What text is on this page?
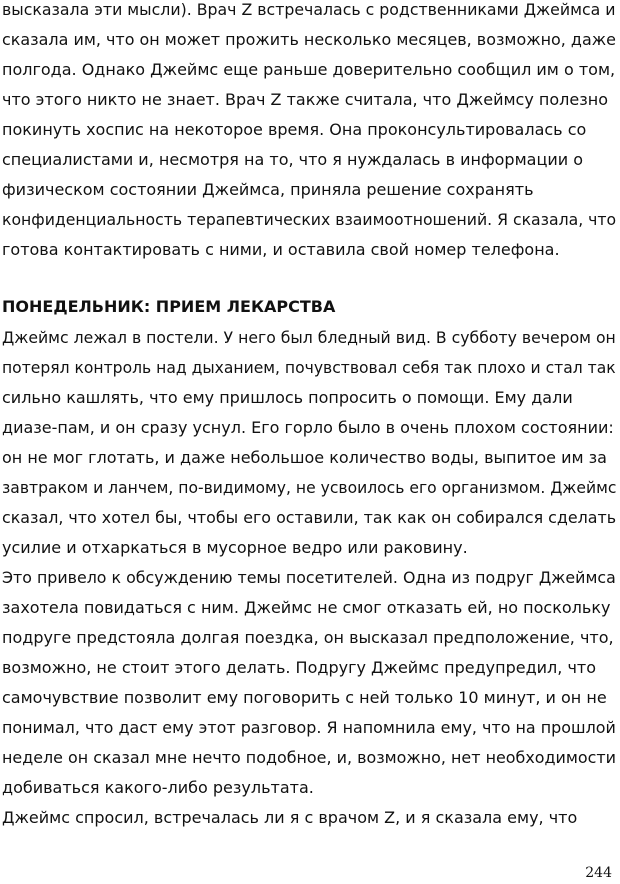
высказала эти мысли). Врач Z встречалась с родственниками Джеймса и
сказала им, что он может прожить несколько месяцев, возможно, даже
полгода. Однако Джеймс еще раньше доверительно сообщил им о том,
что этого никто не знает. Врач Z также считала, что Джеймсу полезно
покинуть хоспис на некоторое время. Она проконсультировалась со
специалистами и, несмотря на то, что я нуждалась в информации о
физическом состоянии Джеймса, приняла решение сохранять
конфиденциальность терапевтических взаимоотношений. Я сказала, что
готова контактировать с ними, и оставила свой номер телефона.
ПОНЕДЕЛЬНИК: ПРИЕМ ЛЕКАРСТВА
Джеймс лежал в постели. У него был бледный вид. В субботу вечером он
потерял контроль над дыханием, почувствовал себя так плохо и стал так
сильно кашлять, что ему пришлось попросить о помощи. Ему дали
диазе-пам, и он сразу уснул. Его горло было в очень плохом состоянии:
он не мог глотать, и даже небольшое количество воды, выпитое им за
завтраком и ланчем, по-видимому, не усвоилось его организмом. Джеймс
сказал, что хотел бы, чтобы его оставили, так как он собирался сделать
усилие и отхаркаться в мусорное ведро или раковину.
Это привело к обсуждению темы посетителей. Одна из подруг Джеймса
захотела повидаться с ним. Джеймс не смог отказать ей, но поскольку
подруге предстояла долгая поездка, он высказал предположение, что,
возможно, не стоит этого делать. Подругу Джеймс предупредил, что
самочувствие позволит ему поговорить с ней только 10 минут, и он не
понимал, что даст ему этот разговор. Я напомнила ему, что на прошлой
неделе он сказал мне нечто подобное, и, возможно, нет необходимости
добиваться какого-либо результата.
Джеймс спросил, встречалась ли я с врачом Z, и я сказала ему, что
244
